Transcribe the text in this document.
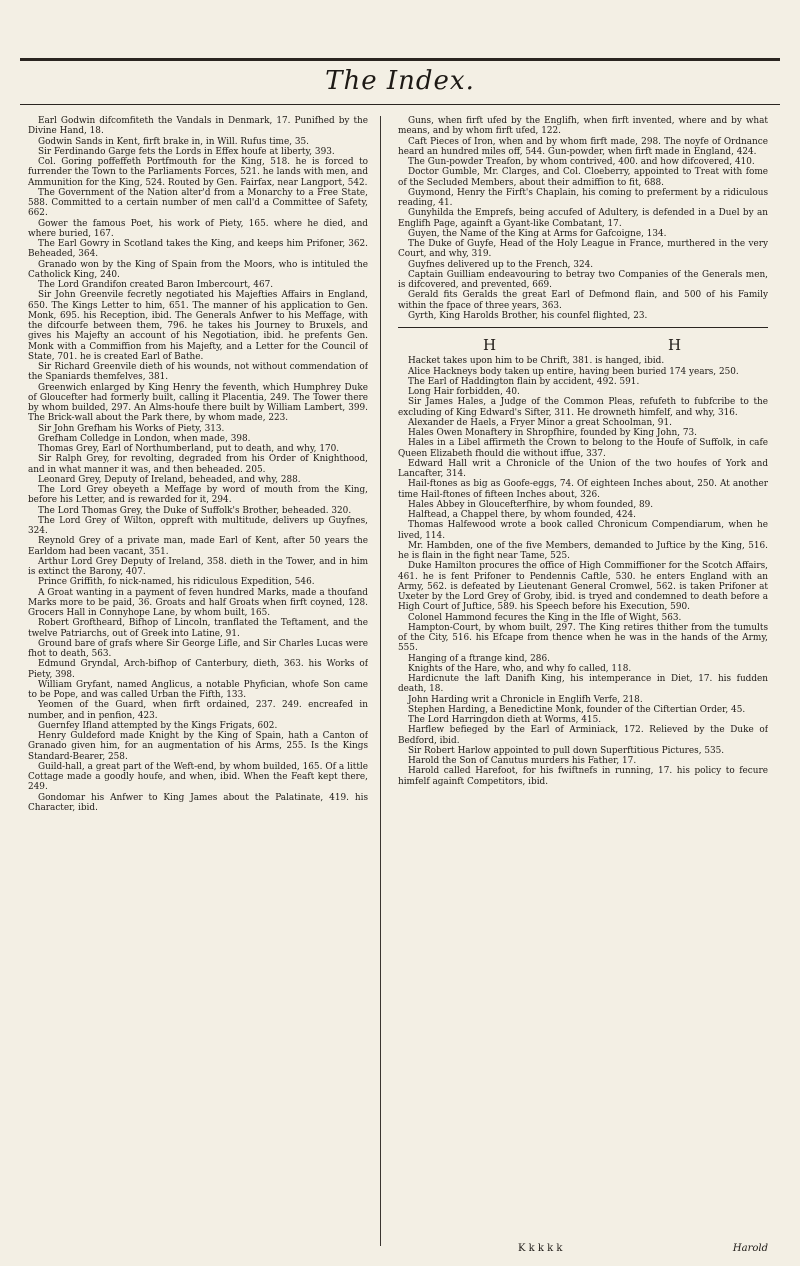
The Index.

Earl Godwin difcomfiteth the Vandals in Denmark, 17. Punifhed by the Divine Hand, 18.

Godwin Sands in Kent, firft brake in, in Will. Rufus time, 35.

Sir Ferdinando Garge fets the Lords in Effex houfe at liberty, 393.

Col. Goring poffeffeth Portfmouth for the King, 518. he is forced to furrender the Town to the Parliaments Forces, 521. he lands with men, and Ammunition for the King, 524. Routed by Gen. Fairfax, near Langport, 542.

The Government of the Nation alter'd from a Monarchy to a Free State, 588. Committed to a certain number of men call'd a Committee of Safety, 662.

Gower the famous Poet, his work of Piety, 165. where he died, and where buried, 167.

The Earl Gowry in Scotland takes the King, and keeps him Prifoner, 362. Beheaded, 364.

Granado won by the King of Spain from the Moors, who is intituled the Catholick King, 240.

The Lord Grandifon created Baron Imbercourt, 467.

Sir John Greenvile fecretly negotiated his Majefties Affairs in England, 650. The Kings Letter to him, 651. The manner of his application to Gen. Monk, 695. his Reception, ibid. The Generals Anfwer to his Meffage, with the difcourfe between them, 796. he takes his Journey to Bruxels, and gives his Majefty an account of his Negotiation, ibid. he prefents Gen. Monk with a Commiffion from his Majefty, and a Letter for the Council of State, 701. he is created Earl of Bathe.

Sir Richard Greenvile dieth of his wounds, not without commendation of the Spaniards themfelves, 381.

Greenwich enlarged by King Henry the feventh, which Humphrey Duke of Gloucefter had formerly built, calling it Placentia, 249. The Tower there by whom builded, 297. An Alms-houfe there built by William Lambert, 399. The Brick-wall about the Park there, by whom made, 223.

Sir John Grefham his Works of Piety, 313.

Grefham Colledge in London, when made, 398.

Thomas Grey, Earl of Northumberland, put to death, and why, 170.

Sir Ralph Grey, for revolting, degraded from his Order of Knighthood, and in what manner it was, and then beheaded. 205.

Leonard Grey, Deputy of Ireland, beheaded, and why, 288.

The Lord Grey obeyeth a Meffage by word of mouth from the King, before his Letter, and is rewarded for it, 294.

The Lord Thomas Grey, the Duke of Suffolk's Brother, beheaded. 320.

The Lord Grey of Wilton, oppreft with multitude, delivers up Guyfnes, 324.

Reynold Grey of a private man, made Earl of Kent, after 50 years the Earldom had been vacant, 351.

Arthur Lord Grey Deputy of Ireland, 358. dieth in the Tower, and in him is extinct the Barony, 407.

Prince Griffith, fo nick-named, his ridiculous Expedition, 546.

A Groat wanting in a payment of feven hundred Marks, made a thoufand Marks more to be paid, 36. Groats and half Groats when firft coyned, 128. Grocers Hall in Connyhope Lane, by whom built, 165.

Robert Groftheard, Bifhop of Lincoln, tranflated the Teftament, and the twelve Patriarchs, out of Greek into Latine, 91.

Ground bare of grafs where Sir George Lifle, and Sir Charles Lucas were fhot to death, 563.

Edmund Gryndal, Arch-bifhop of Canterbury, dieth, 363. his Works of Piety, 398.

William Gryfant, named Anglicus, a notable Phyfician, whofe Son came to be Pope, and was called Urban the Fifth, 133.

Yeomen of the Guard, when firft ordained, 237. 249. encreafed in number, and in penfion, 423.

Guernfey Ifland attempted by the Kings Frigats, 602.

Henry Guldeford made Knight by the King of Spain, hath a Canton of Granado given him, for an augmentation of his Arms, 255. Is the Kings Standard-Bearer, 258.

Guild-hall, a great part of the Weft-end, by whom builded, 165. Of a little Cottage made a goodly houfe, and when, ibid. When the Feaft kept there, 249.

Gondomar his Anfwer to King James about the Palatinate, 419. his Character, ibid.

Guns, when firft ufed by the Englifh, when firft invented, where and by what means, and by whom firft ufed, 122.

Caft Pieces of Iron, when and by whom firft made, 298. The noyfe of Ordnance heard an hundred miles off, 544. Gun-powder, when firft made in England, 424.

The Gun-powder Treafon, by whom contrived, 400. and how difcovered, 410.

Doctor Gumble, Mr. Clarges, and Col. Cloeberry, appointed to Treat with fome of the Secluded Members, about their admiffion to fit, 688.

Guymond, Henry the Firft's Chaplain, his coming to preferment by a ridiculous reading, 41.

Gunyhilda the Emprefs, being accufed of Adultery, is defended in a Duel by an Englifh Page, againft a Gyant-like Combatant, 17.

Guyen, the Name of the King at Arms for Gafcoigne, 134.

The Duke of Guyfe, Head of the Holy League in France, murthered in the very Court, and why, 319.

Guyfnes delivered up to the French, 324.

Captain Guilliam endeavouring to betray two Companies of the Generals men, is difcovered, and prevented, 669.

Gerald fits Geralds the great Earl of Defmond flain, and 500 of his Family within the fpace of three years, 363.

Gyrth, King Harolds Brother, his counfel flighted, 23.

H	H

Hacket takes upon him to be Chrift, 381. is hanged, ibid.

Alice Hackneys body taken up entire, having been buried 174 years, 250.

The Earl of Haddington flain by accident, 492. 591.

Long Hair forbidden, 40.

Sir James Hales, a Judge of the Common Pleas, refufeth to fubfcribe to the excluding of King Edward's Sifter, 311. He drowneth himfelf, and why, 316.

Alexander de Haels, a Fryer Minor a great Schoolman, 91.

Hales Owen Monaftery in Shropfhire, founded by King John, 73.

Hales in a Libel affirmeth the Crown to belong to the Houfe of Suffolk, in cafe Queen Elizabeth fhould die without iffue, 337.

Edward Hall writ a Chronicle of the Union of the two houfes of York and Lancafter, 314.

Hail-ftones as big as Goofe-eggs, 74. Of eighteen Inches about, 250. At another time Hail-ftones of fifteen Inches about, 326.

Hales Abbey in Gloucefterfhire, by whom founded, 89.

Halftead, a Chappel there, by whom founded, 424.

Thomas Halfewood wrote a book called Chronicum Compendiarum, when he lived, 114.

Mr. Hambden, one of the five Members, demanded to Juftice by the King, 516. he is flain in the fight near Tame, 525.

Duke Hamilton procures the office of High Commiffioner for the Scotch Affairs, 461. he is fent Prifoner to Pendennis Caftle, 530. he enters England with an Army, 562. is defeated by Lieutenant General Cromwel, 562. is taken Prifoner at Uxeter by the Lord Grey of Groby, ibid. is tryed and condemned to death before a High Court of Juftice, 589. his Speech before his Execution, 590.

Colonel Hammond fecures the King in the Ifle of Wight, 563.

Hampton-Court, by whom built, 297. The King retires thither from the tumults of the City, 516. his Efcape from thence when he was in the hands of the Army, 555.

Hanging of a ftrange kind, 286.

Knights of the Hare, who, and why fo called, 118.

Hardicnute the laft Danifh King, his intemperance in Diet, 17. his fudden death, 18.

John Harding writ a Chronicle in Englifh Verfe, 218.

Stephen Harding, a Benedictine Monk, founder of the Ciftertian Order, 45.

The Lord Harringdon dieth at Worms, 415.

Harflew befieged by the Earl of Arminiack, 172. Relieved by the Duke of Bedford, ibid.

Sir Robert Harlow appointed to pull down Superftitious Pictures, 535.

Harold the Son of Canutus murders his Father, 17.

Harold called Harefoot, for his fwiftnefs in running, 17. his policy to fecure himfelf againft Competitors, ibid.

K k k k k	Harold
